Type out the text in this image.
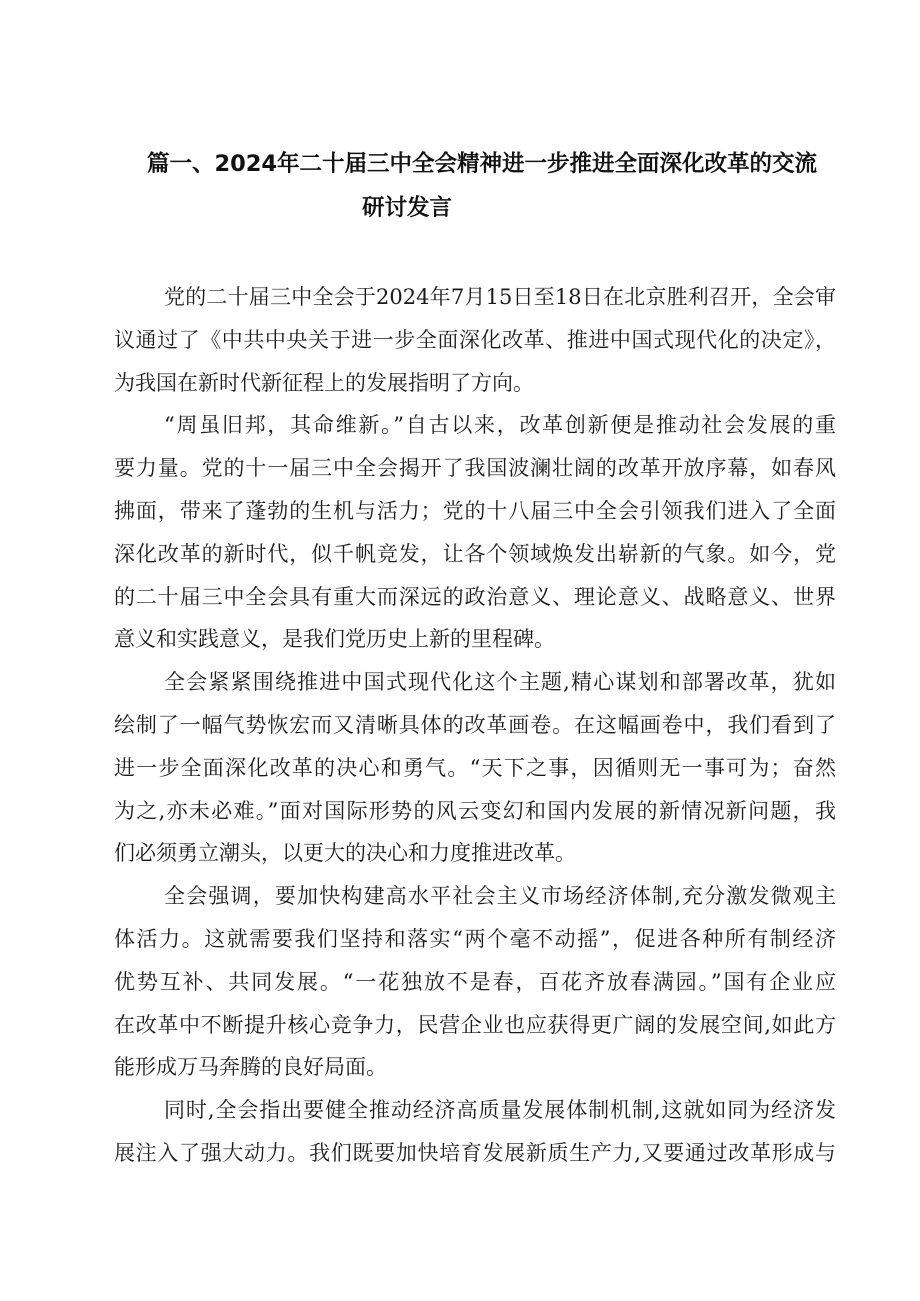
篇一、2024年二十届三中全会精神进一步推进全面深化改革的交流
研讨发言
党的二十届三中全会于2024年7月15日至18日在北京胜利召开，全会审
议通过了《中共中央关于进一步全面深化改革、推进中国式现代化的决定》，
为我国在新时代新征程上的发展指明了方向。
“周虽旧邦，其命维新。”自古以来，改革创新便是推动社会发展的重
要力量。党的十一届三中全会揭开了我国波澜壮阔的改革开放序幕，如春风
拂面，带来了蓬勃的生机与活力；党的十八届三中全会引领我们进入了全面
深化改革的新时代，似千帆竞发，让各个领域焕发出崭新的气象。如今，党
的二十届三中全会具有重大而深远的政治意义、理论意义、战略意义、世界
意义和实践意义，是我们党历史上新的里程碑。
全会紧紧围绕推进中国式现代化这个主题,精心谋划和部署改革，犹如
绘制了一幅气势恢宏而又清晰具体的改革画卷。在这幅画卷中，我们看到了
进一步全面深化改革的决心和勇气。“天下之事，因循则无一事可为；奋然
为之,亦未必难。”面对国际形势的风云变幻和国内发展的新情况新问题，我
们必须勇立潮头，以更大的决心和力度推进改革。
全会强调，要加快构建高水平社会主义市场经济体制,充分激发微观主
体活力。这就需要我们坚持和落实“两个毫不动摇”，促进各种所有制经济
优势互补、共同发展。“一花独放不是春，百花齐放春满园。”国有企业应
在改革中不断提升核心竞争力，民营企业也应获得更广阔的发展空间,如此方
能形成万马奔腾的良好局面。
同时,全会指出要健全推动经济高质量发展体制机制,这就如同为经济发
展注入了强大动力。我们既要加快培育发展新质生产力,又要通过改革形成与
